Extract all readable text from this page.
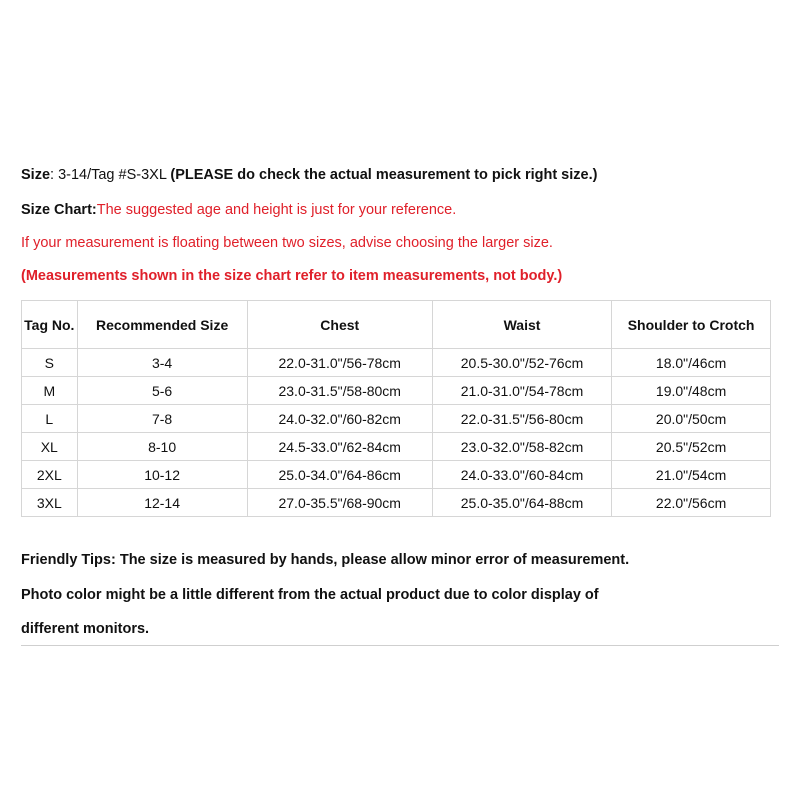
Size: 3-14/Tag #S-3XL (PLEASE do check the actual measurement to pick right size.)
Size Chart:The suggested age and height is just for your reference.
If your measurement is floating between two sizes, advise choosing the larger size.
(Measurements shown in the size chart refer to item measurements, not body.)
Tag No.	Recommended Size	Chest	Waist	Shoulder to Crotch
S	3-4	22.0-31.0"/56-78cm	20.5-30.0"/52-76cm	18.0"/46cm
M	5-6	23.0-31.5"/58-80cm	21.0-31.0"/54-78cm	19.0"/48cm
L	7-8	24.0-32.0"/60-82cm	22.0-31.5"/56-80cm	20.0"/50cm
XL	8-10	24.5-33.0"/62-84cm	23.0-32.0"/58-82cm	20.5"/52cm
2XL	10-12	25.0-34.0"/64-86cm	24.0-33.0"/60-84cm	21.0"/54cm
3XL	12-14	27.0-35.5"/68-90cm	25.0-35.0"/64-88cm	22.0"/56cm
Friendly Tips: The size is measured by hands, please allow minor error of measurement.
Photo color might be a little different from the actual product due to color display of
different monitors.
